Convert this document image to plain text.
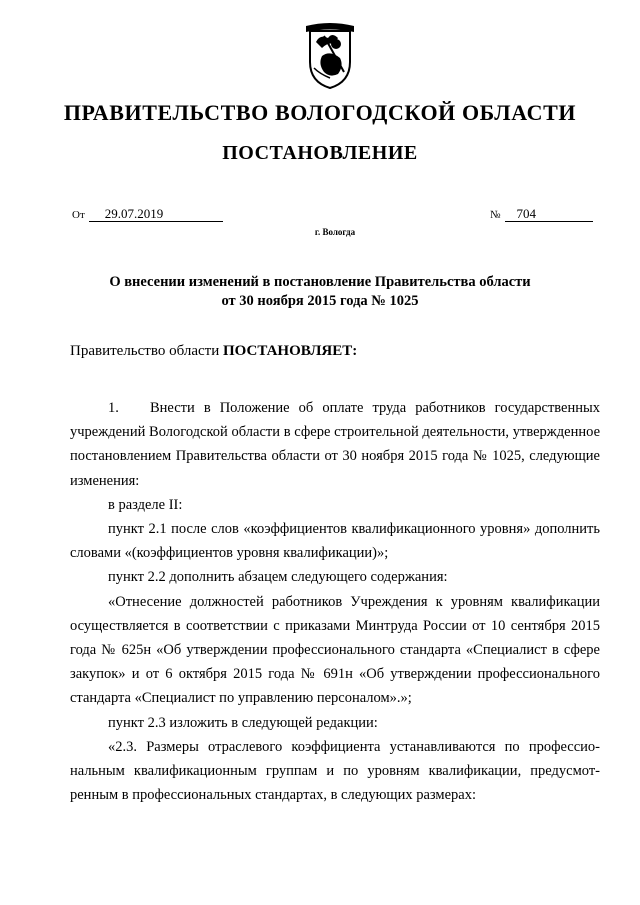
ПРАВИТЕЛЬСТВО ВОЛОГОДСКОЙ ОБЛАСТИ
ПОСТАНОВЛЕНИЕ
От 29.07.2019	№ 704
г. Вологда
О внесении изменений в постановление Правительства области
от 30 ноября 2015 года № 1025
Правительство области ПОСТАНОВЛЯЕТ:

1. Внести в Положение об оплате труда работников государственных учреждений Вологодской области в сфере строительной деятельности, утвержденное постановлением Правительства области от 30 ноября 2015 года № 1025, следующие изменения:

в разделе II:

пункт 2.1 после слов «коэффициентов квалификационного уровня» дополнить словами «(коэффициентов уровня квалификации)»;

пункт 2.2 дополнить абзацем следующего содержания:

«Отнесение должностей работников Учреждения к уровням квалификации осуществляется в соответствии с приказами Минтруда России от 10 сентября 2015 года № 625н «Об утверждении профессионального стандарта «Специалист в сфере закупок» и от 6 октября 2015 года № 691н «Об утверждении профессионального стандарта «Специалист по управлению персоналом».»;

пункт 2.3 изложить в следующей редакции:

«2.3. Размеры отраслевого коэффициента устанавливаются по профессио-нальным квалификационным группам и по уровням квалификации, предусмот-ренным в профессиональных стандартах, в следующих размерах:
